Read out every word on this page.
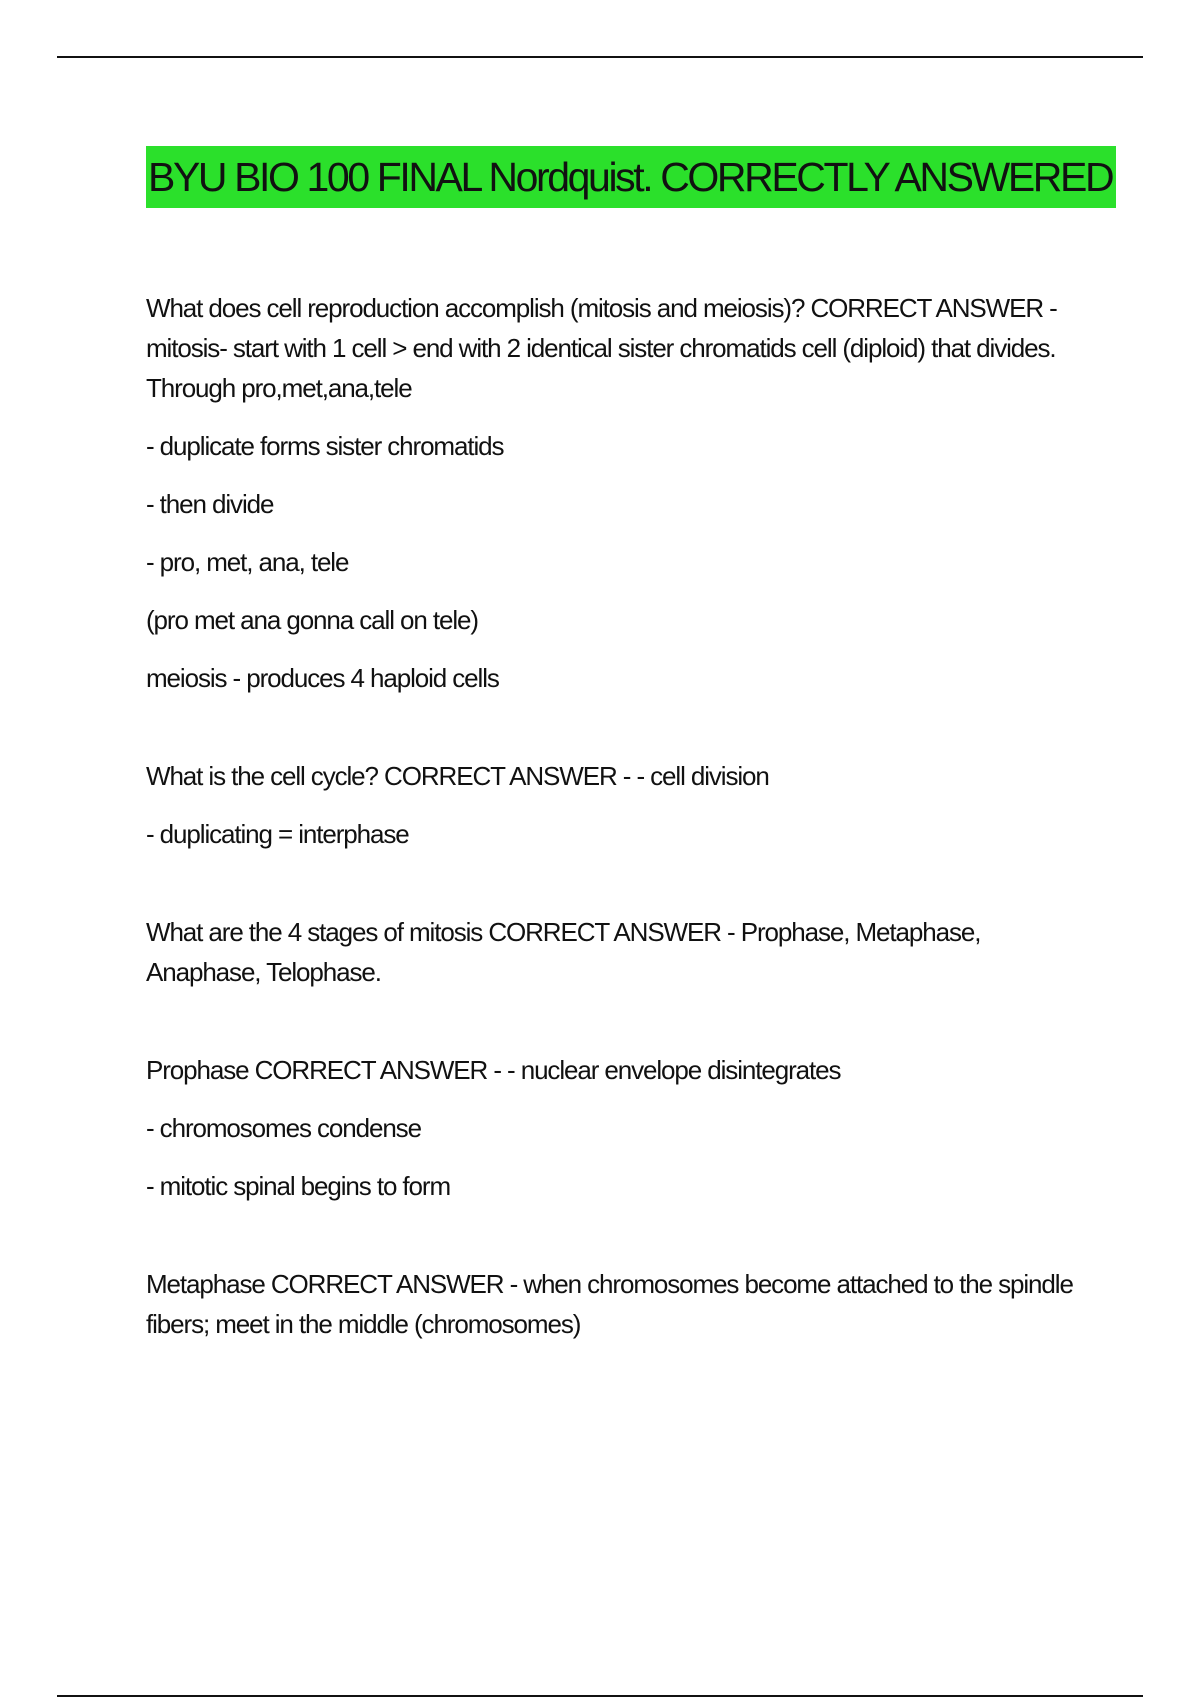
BYU BIO 100 FINAL Nordquist. CORRECTLY ANSWERED

What does cell reproduction accomplish (mitosis and meiosis)? CORRECT ANSWER - mitosis- start with 1 cell > end with 2 identical sister chromatids cell (diploid) that divides. Through pro,met,ana,tele

- duplicate forms sister chromatids

- then divide

- pro, met, ana, tele

(pro met ana gonna call on tele)

meiosis - produces 4 haploid cells

What is the cell cycle? CORRECT ANSWER - - cell division

- duplicating = interphase

What are the 4 stages of mitosis CORRECT ANSWER - Prophase, Metaphase, Anaphase, Telophase.

Prophase CORRECT ANSWER - - nuclear envelope disintegrates

- chromosomes condense

- mitotic spinal begins to form

Metaphase CORRECT ANSWER - when chromosomes become attached to the spindle fibers; meet in the middle (chromosomes)
